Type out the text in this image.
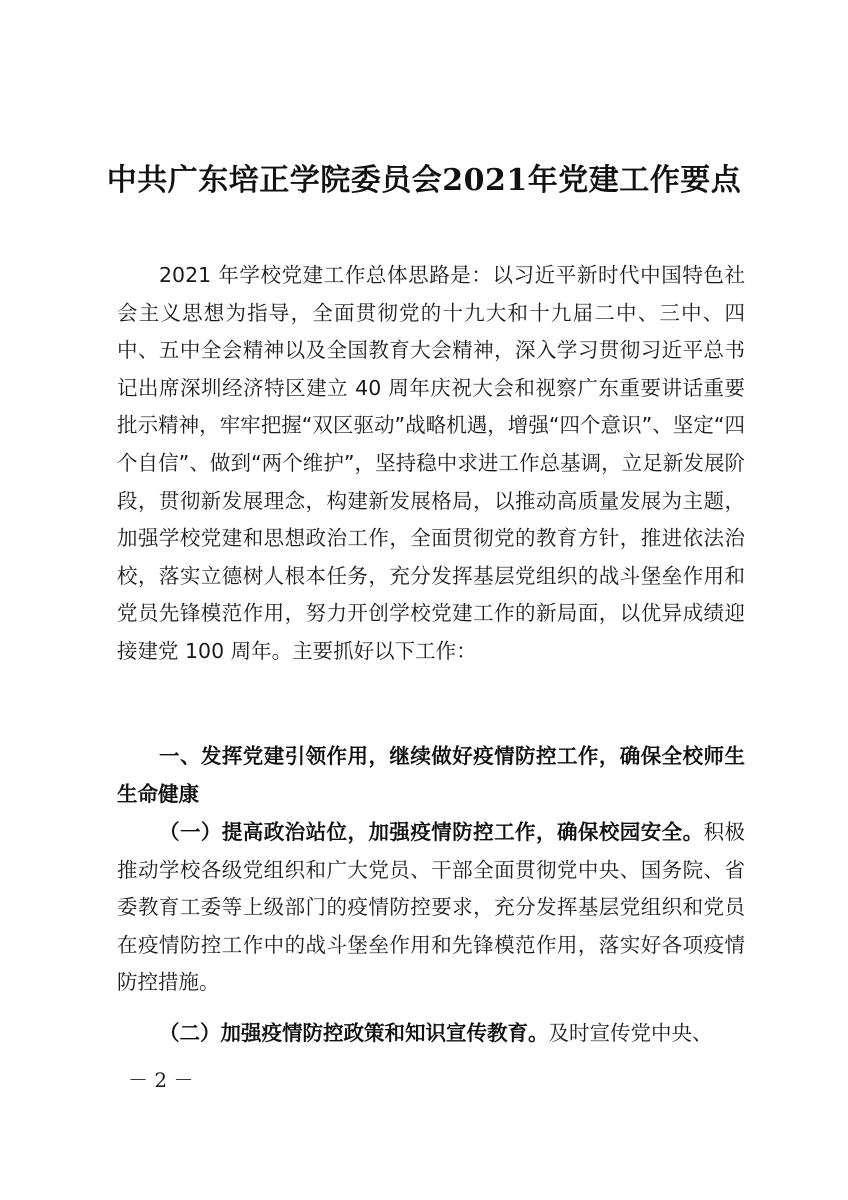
中共广东培正学院委员会2021年党建工作要点

2021 年学校党建工作总体思路是：以习近平新时代中国特色社会主义思想为指导，全面贯彻党的十九大和十九届二中、三中、四中、五中全会精神以及全国教育大会精神，深入学习贯彻习近平总书记出席深圳经济特区建立 40 周年庆祝大会和视察广东重要讲话重要批示精神，牢牢把握“双区驱动”战略机遇，增强“四个意识”、坚定“四个自信”、做到“两个维护”，坚持稳中求进工作总基调，立足新发展阶段，贯彻新发展理念，构建新发展格局，以推动高质量发展为主题，加强学校党建和思想政治工作，全面贯彻党的教育方针，推进依法治校，落实立德树人根本任务，充分发挥基层党组织的战斗堡垒作用和党员先锋模范作用，努力开创学校党建工作的新局面，以优异成绩迎接建党 100 周年。主要抓好以下工作：

一、发挥党建引领作用，继续做好疫情防控工作，确保全校师生生命健康

（一）提高政治站位，加强疫情防控工作，确保校园安全。积极推动学校各级党组织和广大党员、干部全面贯彻党中央、国务院、省委教育工委等上级部门的疫情防控要求，充分发挥基层党组织和党员在疫情防控工作中的战斗堡垒作用和先锋模范作用，落实好各项疫情防控措施。

（二）加强疫情防控政策和知识宣传教育。及时宣传党中央、

－ 2 －
